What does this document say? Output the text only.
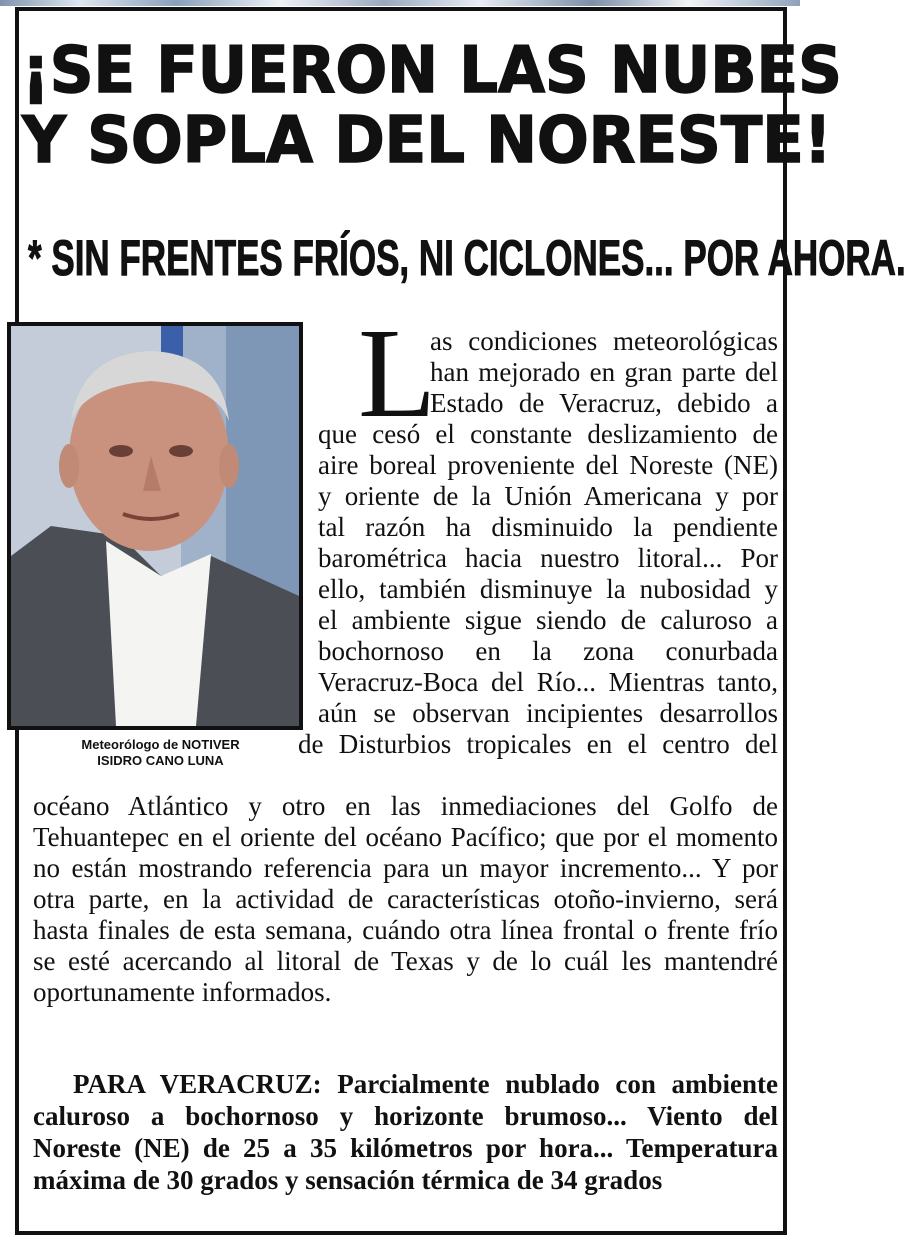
¡SE FUERON LAS NUBES
Y SOPLA DEL NORESTE!
* SIN FRENTES FRÍOS, NI CICLONES... POR AHORA.
Meteorólogo de NOTIVER
ISIDRO CANO LUNA
L

as condiciones meteorológicas
han mejorado en gran parte del
Estado de Veracruz, debido a

que cesó el constante deslizamiento de
aire boreal proveniente del Noreste (NE)
y oriente de la Unión Americana y por
tal razón ha disminuido la pendiente
barométrica hacia nuestro litoral... Por
ello, también disminuye la nubosidad y
el ambiente sigue siendo de caluroso a
bochornoso en la zona conurbada
Veracruz-Boca del Río... Mientras tanto,
aún se observan incipientes desarrollos
de Disturbios tropicales en el centro del

océano Atlántico y otro en las inmediaciones del Golfo de
Tehuantepec en el oriente del océano Pacífico; que por el momento
no están mostrando referencia para un mayor incremento... Y por
otra parte, en la actividad de características otoño-invierno, será
hasta finales de esta semana, cuándo otra línea frontal o frente frío
se esté acercando al litoral de Texas y de lo cuál les mantendré
oportunamente informados.

PARA VERACRUZ: Parcialmente nublado con ambiente
caluroso a bochornoso y horizonte brumoso... Viento del
Noreste (NE) de 25 a 35 kilómetros por hora... Temperatura
máxima de 30 grados y sensación térmica de 34 grados
